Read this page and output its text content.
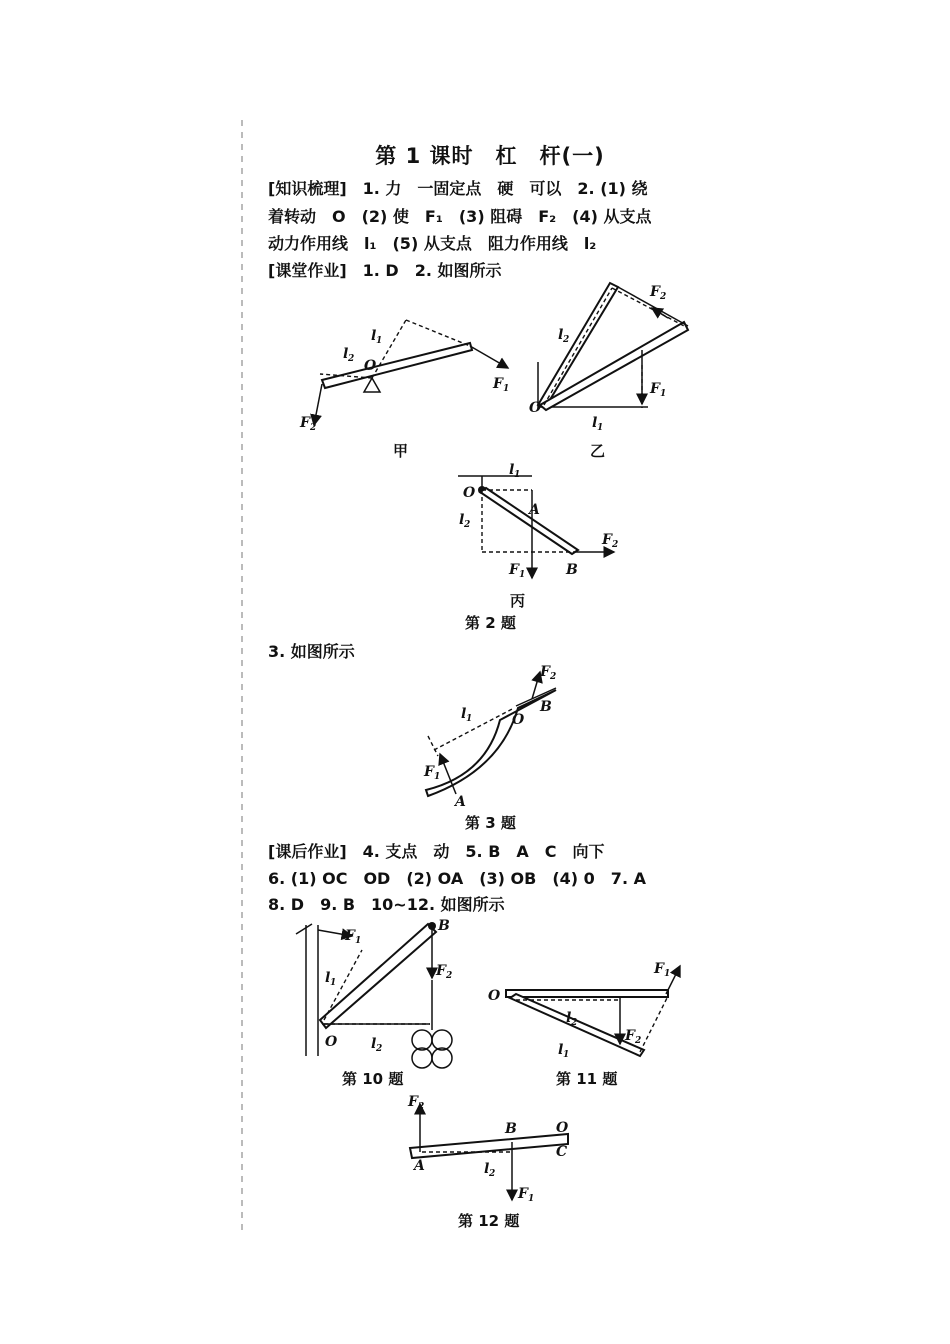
第 1 课时　杠　杆(一)
[知识梳理]　1. 力　一固定点　硬　可以　2. (1) 绕
着转动　O　(2) 使　F₁　(3) 阻碍　F₂　(4) 从支点
动力作用线　l₁　(5) 从支点　阻力作用线　l₂
[课堂作业]　1. D　2. 如图所示
F 2
F 1
O
l 1
l 2
甲
O
l 2
l 1
F 1
F 2
乙
O
l 1
l 2
A
B
F 1
F 2
丙
第 2 题
3. 如图所示
F 2
B
O
l 1
F 1
A
第 3 题
[课后作业]　4. 支点　动　5. B　A　C　向下
6. (1) OC　OD　(2) OA　(3) OB　(4) 0　7. A
8. D　9. B　10~12. 如图所示
F 1
B
F 2
l 1
O l 2
第 10 题
O
F 1
l 2
F 2
l 1
第 11 题
F 2
B	O
C
A	l 2
F 1
第 12 题
